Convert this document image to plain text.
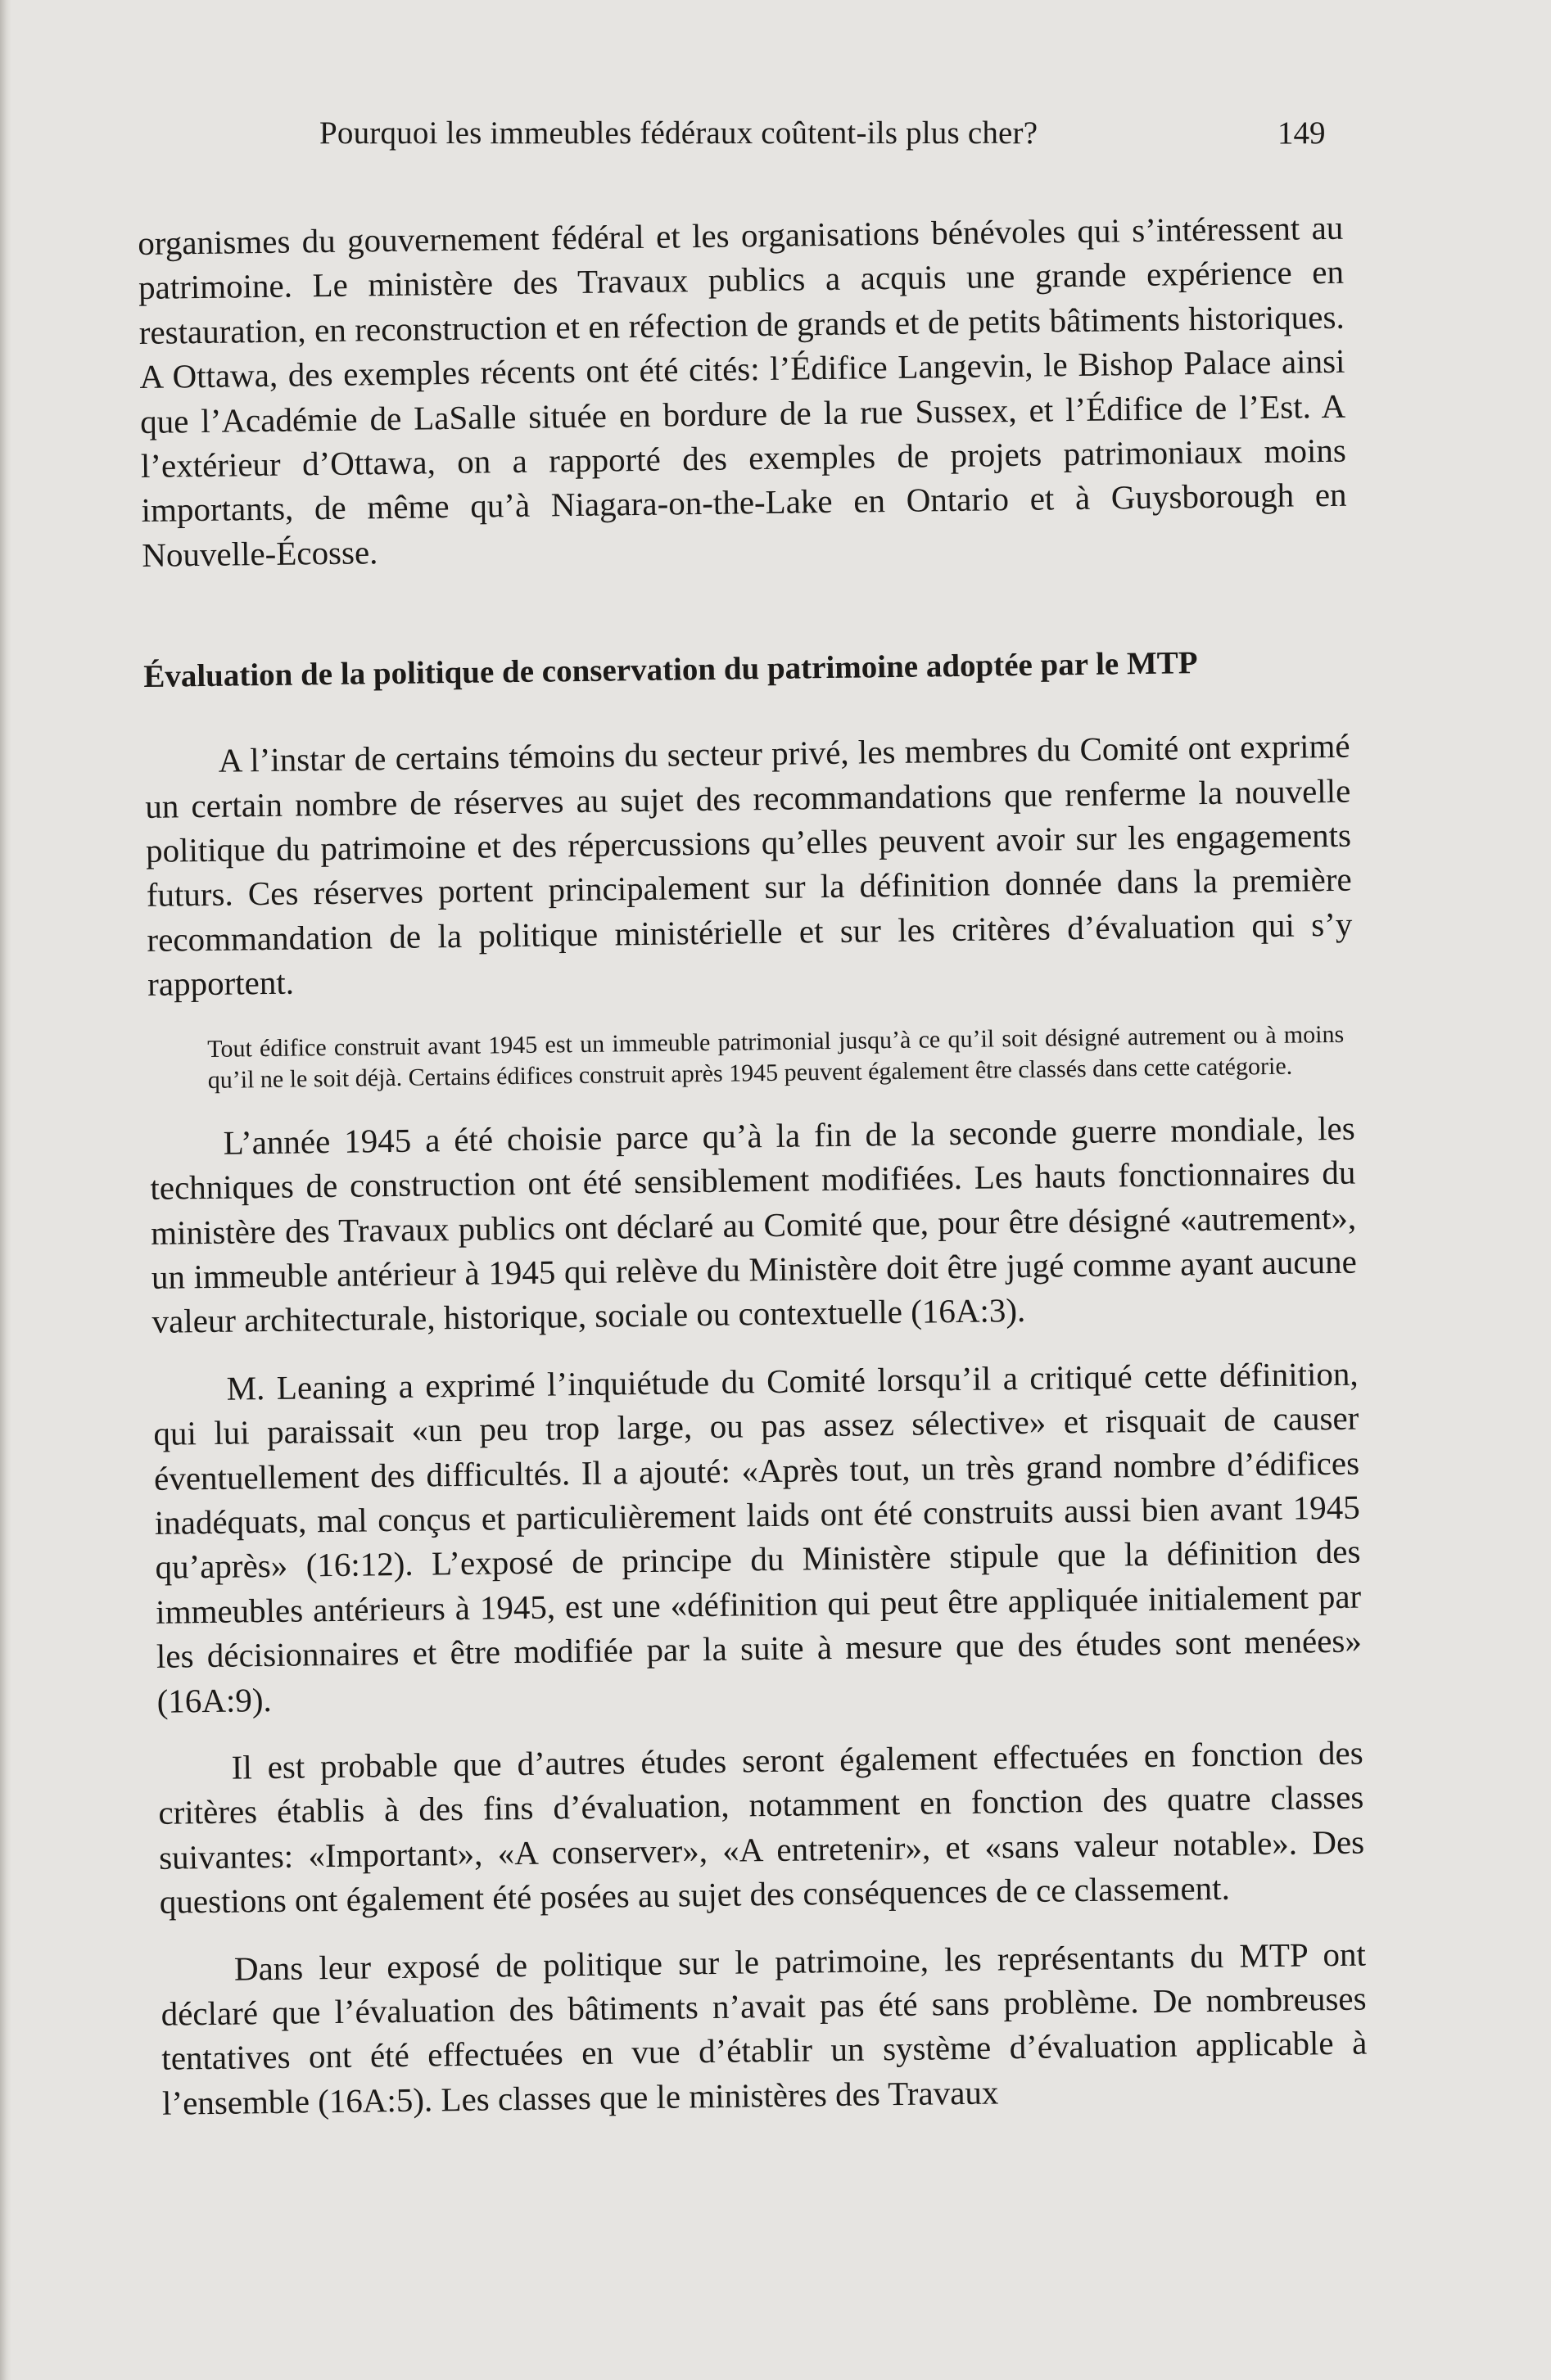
Pourquoi les immeubles fédéraux coûtent-ils plus cher?	149

organismes du gouvernement fédéral et les organisations bénévoles qui s’intéressent au patrimoine. Le ministère des Travaux publics a acquis une grande expérience en restauration, en reconstruction et en réfection de grands et de petits bâtiments historiques. A Ottawa, des exemples récents ont été cités: l’Édifice Langevin, le Bishop Palace ainsi que l’Académie de LaSalle située en bordure de la rue Sussex, et l’Édifice de l’Est. A l’extérieur d’Ottawa, on a rapporté des exemples de projets patrimoniaux moins importants, de même qu’à Niagara-on-the-Lake en Ontario et à Guysborough en Nouvelle-Écosse.

Évaluation de la politique de conservation du patrimoine adoptée par le MTP

A l’instar de certains témoins du secteur privé, les membres du Comité ont exprimé un certain nombre de réserves au sujet des recommandations que renferme la nouvelle politique du patrimoine et des répercussions qu’elles peuvent avoir sur les engagements futurs. Ces réserves portent principalement sur la définition donnée dans la première recommandation de la politique ministérielle et sur les critères d’évaluation qui s’y rapportent.

Tout édifice construit avant 1945 est un immeuble patrimonial jusqu’à ce qu’il soit désigné autrement ou à moins qu’il ne le soit déjà. Certains édifices construit après 1945 peuvent également être classés dans cette catégorie.

L’année 1945 a été choisie parce qu’à la fin de la seconde guerre mondiale, les techniques de construction ont été sensiblement modifiées. Les hauts fonctionnaires du ministère des Travaux publics ont déclaré au Comité que, pour être désigné «autrement», un immeuble antérieur à 1945 qui relève du Ministère doit être jugé comme ayant aucune valeur architecturale, historique, sociale ou contextuelle (16A:3).

M. Leaning a exprimé l’inquiétude du Comité lorsqu’il a critiqué cette définition, qui lui paraissait «un peu trop large, ou pas assez sélective» et risquait de causer éventuellement des difficultés. Il a ajouté: «Après tout, un très grand nombre d’édifices inadéquats, mal conçus et particulièrement laids ont été construits aussi bien avant 1945 qu’après» (16:12). L’exposé de principe du Ministère stipule que la définition des immeubles antérieurs à 1945, est une «définition qui peut être appliquée initialement par les décisionnaires et être modifiée par la suite à mesure que des études sont menées» (16A:9).

Il est probable que d’autres études seront également effectuées en fonction des critères établis à des fins d’évaluation, notamment en fonction des quatre classes suivantes: «Important», «A conserver», «A entretenir», et «sans valeur notable». Des questions ont également été posées au sujet des conséquences de ce classement.

Dans leur exposé de politique sur le patrimoine, les représentants du MTP ont déclaré que l’évaluation des bâtiments n’avait pas été sans problème. De nombreuses tentatives ont été effectuées en vue d’établir un système d’évaluation applicable à l’ensemble (16A:5). Les classes que le ministères des Travaux
